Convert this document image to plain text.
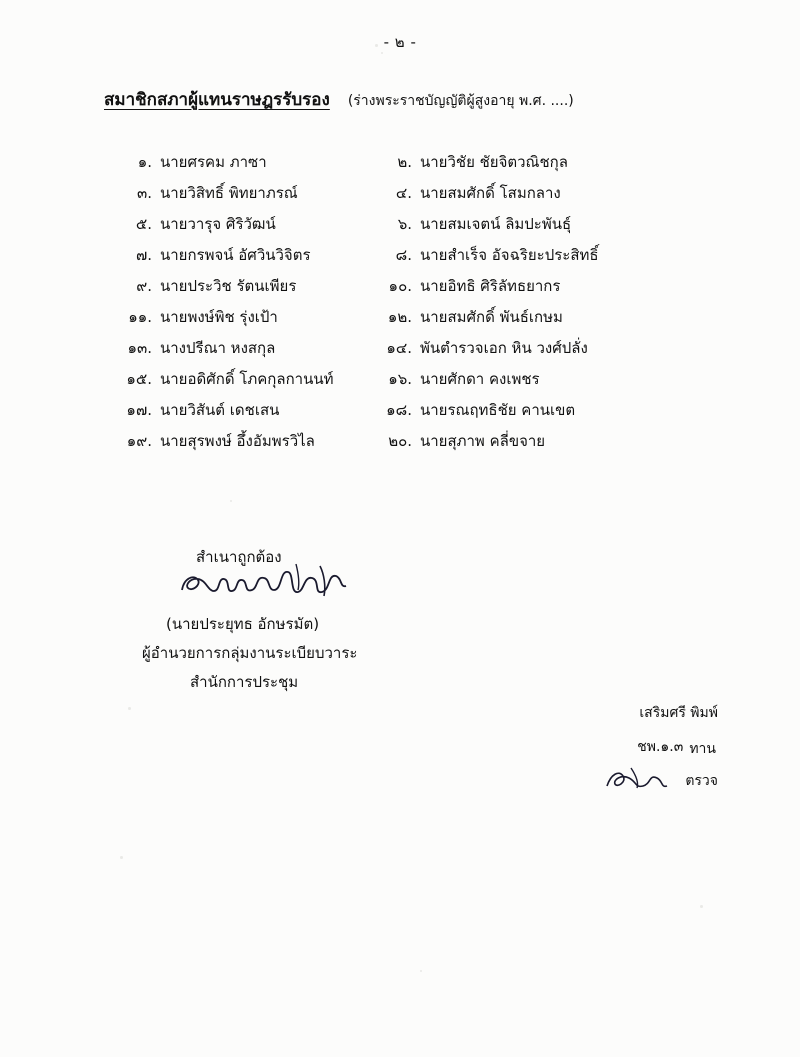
- ๒ -
สมาชิกสภาผู้แทนราษฎรรับรอง (ร่างพระราชบัญญัติผู้สูงอายุ พ.ศ. ....)
๑. นายศรคม ภาซา	๒. นายวิชัย ชัยจิตวณิชกุล
๓. นายวิสิทธิ์ พิทยาภรณ์	๔. นายสมศักดิ์ โสมกลาง
๕. นายวารุจ ศิริวัฒน์	๖. นายสมเจตน์ ลิมปะพันธุ์
๗. นายกรพจน์ อัศวินวิจิตร	๘. นายสำเร็จ อัจฉริยะประสิทธิ์
๙. นายประวิช รัตนเพียร	๑๐. นายอิทธิ ศิริลัทธยากร
๑๑. นายพงษ์พิช รุ่งเป้า	๑๒. นายสมศักดิ์ พันธ์เกษม
๑๓. นางปรีณา หงสกุล	๑๔. พันตำรวจเอก หิน วงศ์ปลั่ง
๑๕. นายอดิศักดิ์ โภคกุลกานนท์	๑๖. นายศักดา คงเพชร
๑๗. นายวิสันต์ เดชเสน	๑๘. นายรณฤทธิชัย คานเขต
๑๙. นายสุรพงษ์ อึ้งอัมพรวิไล	๒๐. นายสุภาพ คลี่ขจาย
สำเนาถูกต้อง
(นายประยุทธ อักษรมัต)
ผู้อำนวยการกลุ่มงานระเบียบวาระ
สำนักการประชุม
เสริมศรี พิมพ์
ชพ.๑.๓ ทาน
ตรวจ
